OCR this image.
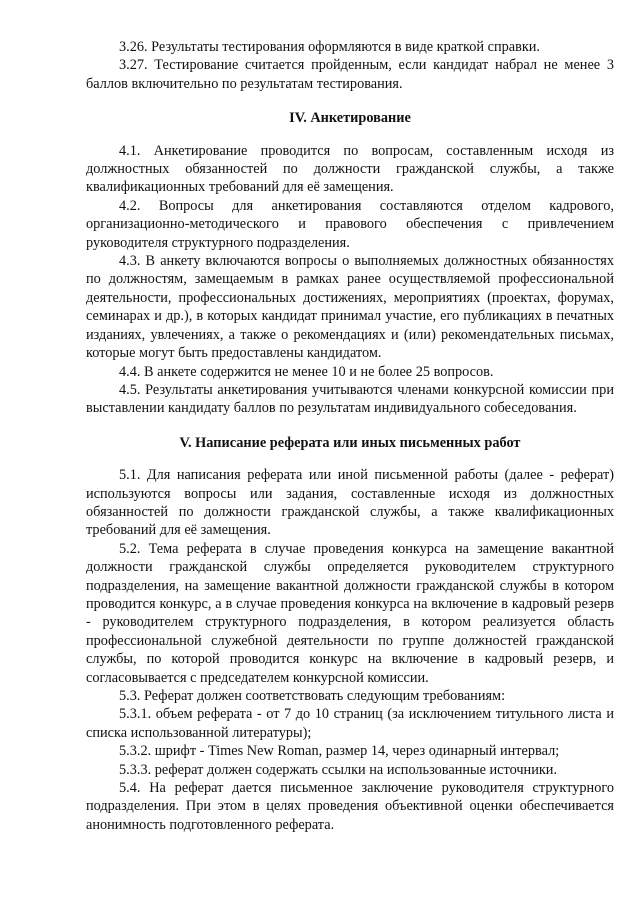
3.26. Результаты тестирования оформляются в виде краткой справки.

3.27. Тестирование считается пройденным, если кандидат набрал не менее 3 баллов включительно по результатам тестирования.

IV. Анкетирование

4.1. Анкетирование проводится по вопросам, составленным исходя из должностных обязанностей по должности гражданской службы, а также квалификационных требований для её замещения.

4.2. Вопросы для анкетирования составляются отделом кадрового, организационно-методического и правового обеспечения с привлечением руководителя структурного подразделения.

4.3. В анкету включаются вопросы о выполняемых должностных обязанностях по должностям, замещаемым в рамках ранее осуществляемой профессиональной деятельности, профессиональных достижениях, мероприятиях (проектах, форумах, семинарах и др.), в которых кандидат принимал участие, его публикациях в печатных изданиях, увлечениях, а также о рекомендациях и (или) рекомендательных письмах, которые могут быть предоставлены кандидатом.

4.4. В анкете содержится не менее 10 и не более 25 вопросов.

4.5. Результаты анкетирования учитываются членами конкурсной комиссии при выставлении кандидату баллов по результатам индивидуального собеседования.

V. Написание реферата или иных письменных работ

5.1. Для написания реферата или иной письменной работы (далее - реферат) используются вопросы или задания, составленные исходя из должностных обязанностей по должности гражданской службы, а также квалификационных требований для её замещения.

5.2. Тема реферата в случае проведения конкурса на замещение вакантной должности гражданской службы определяется руководителем структурного подразделения, на замещение вакантной должности гражданской службы в котором проводится конкурс, а в случае проведения конкурса на включение в кадровый резерв - руководителем структурного подразделения, в котором реализуется область профессиональной служебной деятельности по группе должностей гражданской службы, по которой проводится конкурс на включение в кадровый резерв, и согласовывается с председателем конкурсной комиссии.

5.3. Реферат должен соответствовать следующим требованиям:

5.3.1. объем реферата - от 7 до 10 страниц (за исключением титульного листа и списка использованной литературы);

5.3.2. шрифт - Times New Roman, размер 14, через одинарный интервал;

5.3.3. реферат должен содержать ссылки на использованные источники.

5.4. На реферат дается письменное заключение руководителя структурного подразделения. При этом в целях проведения объективной оценки обеспечивается анонимность подготовленного реферата.
